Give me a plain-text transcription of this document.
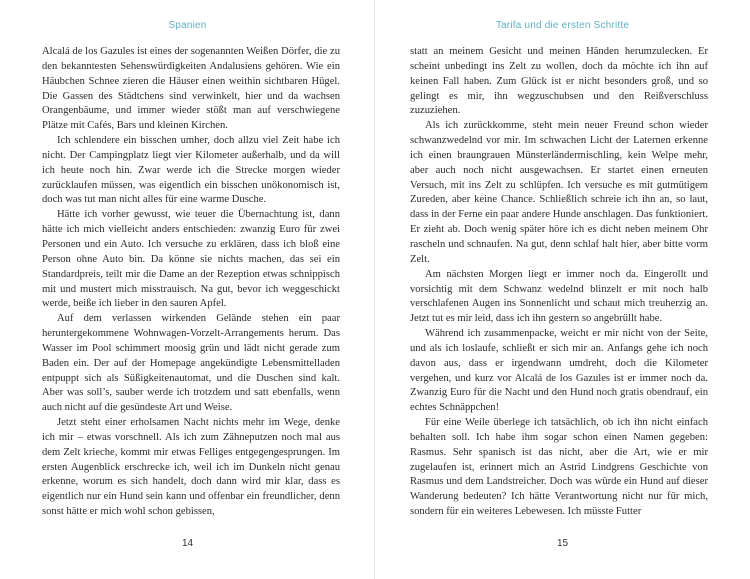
Spanien

Alcalá de los Gazules ist eines der sogenannten Weißen Dörfer, die zu den bekanntesten Sehenswürdigkeiten Andalusiens gehören. Wie ein Häubchen Schnee zieren die Häuser einen weithin sichtbaren Hügel. Die Gassen des Städtchens sind verwinkelt, hier und da wachsen Orangenbäume, und immer wieder stößt man auf verschwiegene Plätze mit Cafés, Bars und kleinen Kirchen.

Ich schlendere ein bisschen umher, doch allzu viel Zeit habe ich nicht. Der Campingplatz liegt vier Kilometer außerhalb, und da will ich heute noch hin. Zwar werde ich die Strecke morgen wieder zurücklaufen müssen, was eigentlich ein bisschen unökonomisch ist, doch was tut man nicht alles für eine warme Dusche.

Hätte ich vorher gewusst, wie teuer die Übernachtung ist, dann hätte ich mich vielleicht anders entschieden: zwanzig Euro für zwei Personen und ein Auto. Ich versuche zu erklären, dass ich bloß eine Person ohne Auto bin. Da könne sie nichts machen, das sei ein Standardpreis, teilt mir die Dame an der Rezeption etwas schnippisch mit und mustert mich misstrauisch. Na gut, bevor ich weggeschickt werde, beiße ich lieber in den sauren Apfel.

Auf dem verlassen wirkenden Gelände stehen ein paar heruntergekommene Wohnwagen-Vorzelt-Arrangements herum. Das Wasser im Pool schimmert moosig grün und lädt nicht gerade zum Baden ein. Der auf der Homepage angekündigte Lebensmittelladen entpuppt sich als Süßigkeitenautomat, und die Duschen sind kalt. Aber was soll’s, sauber werde ich trotzdem und satt ebenfalls, wenn auch nicht auf die gesündeste Art und Weise.

Jetzt steht einer erholsamen Nacht nichts mehr im Wege, denke ich mir – etwas vorschnell. Als ich zum Zähneputzen noch mal aus dem Zelt krieche, kommt mir etwas Felliges entgegengesprungen. Im ersten Augenblick erschrecke ich, weil ich im Dunkeln nicht genau erkenne, worum es sich handelt, doch dann wird mir klar, dass es eigentlich nur ein Hund sein kann und offenbar ein freundlicher, denn sonst hätte er mich wohl schon gebissen,

14
Tarifa und die ersten Schritte

statt an meinem Gesicht und meinen Händen herumzulecken. Er scheint unbedingt ins Zelt zu wollen, doch da möchte ich ihn auf keinen Fall haben. Zum Glück ist er nicht besonders groß, und so gelingt es mir, ihn wegzuschubsen und den Reißverschluss zuzuziehen.

Als ich zurückkomme, steht mein neuer Freund schon wieder schwanzwedelnd vor mir. Im schwachen Licht der Laternen erkenne ich einen braungrauen Münsterländermischling, kein Welpe mehr, aber auch noch nicht ausgewachsen. Er startet einen erneuten Versuch, mit ins Zelt zu schlüpfen. Ich versuche es mit gutmütigem Zureden, aber keine Chance. Schließlich schreie ich ihn an, so laut, dass in der Ferne ein paar andere Hunde anschlagen. Das funktioniert. Er zieht ab. Doch wenig später höre ich es dicht neben meinem Ohr rascheln und schnaufen. Na gut, denn schlaf halt hier, aber bitte vorm Zelt.

Am nächsten Morgen liegt er immer noch da. Eingerollt und vorsichtig mit dem Schwanz wedelnd blinzelt er mit noch halb verschlafenen Augen ins Sonnenlicht und schaut mich treuherzig an. Jetzt tut es mir leid, dass ich ihn gestern so angebrüllt habe.

Während ich zusammenpacke, weicht er mir nicht von der Seite, und als ich loslaufe, schließt er sich mir an. Anfangs gehe ich noch davon aus, dass er irgendwann umdreht, doch die Kilometer vergehen, und kurz vor Alcalá de los Gazules ist er immer noch da. Zwanzig Euro für die Nacht und den Hund noch gratis obendrauf, ein echtes Schnäppchen!

Für eine Weile überlege ich tatsächlich, ob ich ihn nicht einfach behalten soll. Ich habe ihm sogar schon einen Namen gegeben: Rasmus. Sehr spanisch ist das nicht, aber die Art, wie er mir zugelaufen ist, erinnert mich an Astrid Lindgrens Geschichte von Rasmus und dem Landstreicher. Doch was würde ein Hund auf dieser Wanderung bedeuten? Ich hätte Verantwortung nicht nur für mich, sondern für ein weiteres Lebewesen. Ich müsste Futter

15
